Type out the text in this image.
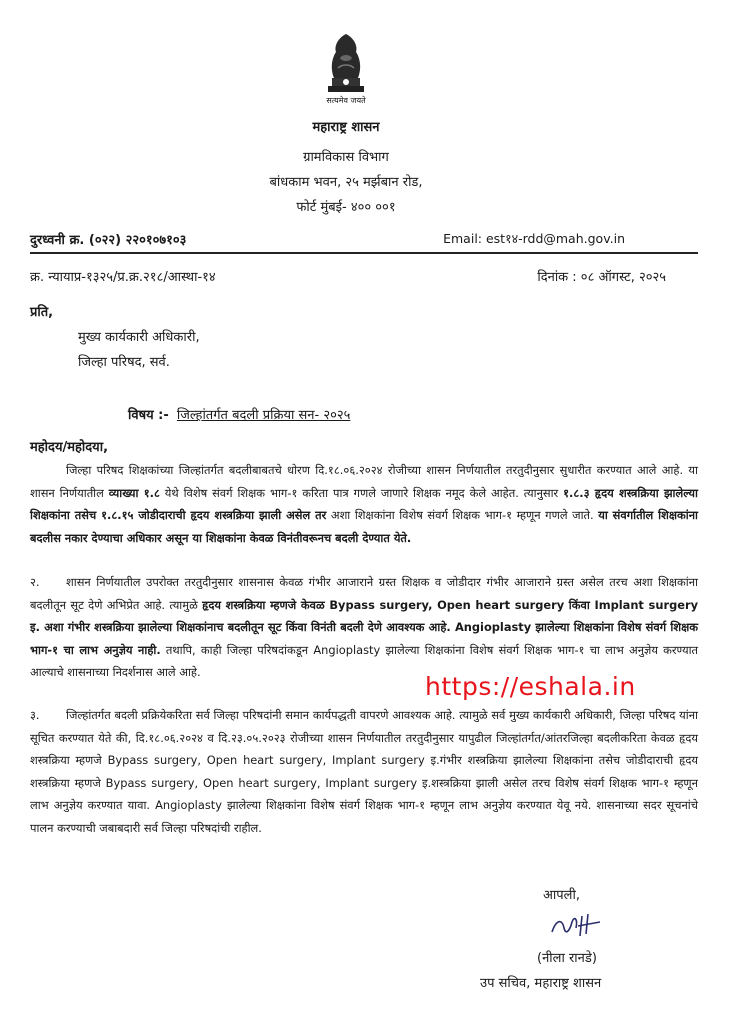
सत्यमेव जयते
महाराष्ट्र शासन
ग्रामविकास विभाग
बांधकाम भवन, २५ मर्झबान रोड,
फोर्ट मुंबई- ४०० ००१
दुरध्वनी क्र. (०२२) २२०१०७१०३	Email: est१४-rdd@mah.gov.in
क्र. न्यायाप्र-१३२५/प्र.क्र.२१८/आस्था-१४	दिनांक : ०८ ऑगस्ट, २०२५
प्रति,
मुख्य कार्यकारी अधिकारी,
जिल्हा परिषद, सर्व.
विषय :- जिल्हांतर्गत बदली प्रक्रिया सन- २०२५
महोदय/महोदया,

जिल्हा परिषद शिक्षकांच्या जिल्हांतर्गत बदलीबाबतचे धोरण दि.१८.०६.२०२४ रोजीच्या शासन निर्णयातील तरतुदीनुसार सुधारीत करण्यात आले आहे. या शासन निर्णयातील व्याख्या १.८ येथे विशेष संवर्ग शिक्षक भाग-१ करिता पात्र गणले जाणारे शिक्षक नमूद केले आहेत. त्यानुसार १.८.३ हृदय शस्त्रक्रिया झालेल्या शिक्षकांना तसेच १.८.१५ जोडीदाराची हृदय शस्त्रक्रिया झाली असेल तर अशा शिक्षकांना विशेष संवर्ग शिक्षक भाग-१ म्हणून गणले जाते. या संवर्गातील शिक्षकांना बदलीस नकार देण्याचा अधिकार असून या शिक्षकांना केवळ विनंतीवरूनच बदली देण्यात येते.

२. शासन निर्णयातील उपरोक्त तरतुदीनुसार शासनास केवळ गंभीर आजाराने ग्रस्त शिक्षक व जोडीदार गंभीर आजाराने ग्रस्त असेल तरच अशा शिक्षकांना बदलीतून सूट देणे अभिप्रेत आहे. त्यामुळे हृदय शस्त्रक्रिया म्हणजे केवळ Bypass surgery, Open heart surgery किंवा Implant surgery इ. अशा गंभीर शस्त्रक्रिया झालेल्या शिक्षकांनाच बदलीतून सूट किंवा विनंती बदली देणे आवश्यक आहे. Angioplasty झालेल्या शिक्षकांना विशेष संवर्ग शिक्षक भाग-१ चा लाभ अनुज्ञेय नाही. तथापि, काही जिल्हा परिषदांकडून Angioplasty झालेल्या शिक्षकांना विशेष संवर्ग शिक्षक भाग-१ चा लाभ अनुज्ञेय करण्यात आल्याचे शासनाच्या निदर्शनास आले आहे.

३. जिल्हांतर्गत बदली प्रक्रियेकरिता सर्व जिल्हा परिषदांनी समान कार्यपद्धती वापरणे आवश्यक आहे. त्यामुळे सर्व मुख्य कार्यकारी अधिकारी, जिल्हा परिषद यांना सूचित करण्यात येते की, दि.१८.०६.२०२४ व दि.२३.०५.२०२३ रोजीच्या शासन निर्णयातील तरतुदीनुसार यापुढील जिल्हांतर्गत/आंतरजिल्हा बदलीकरिता केवळ हृदय शस्त्रक्रिया म्हणजे Bypass surgery, Open heart surgery, Implant surgery इ.गंभीर शस्त्रक्रिया झालेल्या शिक्षकांना तसेच जोडीदाराची हृदय शस्त्रक्रिया म्हणजे Bypass surgery, Open heart surgery, Implant surgery इ.शस्त्रक्रिया झाली असेल तरच विशेष संवर्ग शिक्षक भाग-१ म्हणून लाभ अनुज्ञेय करण्यात यावा. Angioplasty झालेल्या शिक्षकांना विशेष संवर्ग शिक्षक भाग-१ म्हणून लाभ अनुज्ञेय करण्यात येवू नये. शासनाच्या सदर सूचनांचे पालन करण्याची जबाबदारी सर्व जिल्हा परिषदांची राहील.

https://eshala.in
आपली,
(नीला रानडे)
उप सचिव, महाराष्ट्र शासन
